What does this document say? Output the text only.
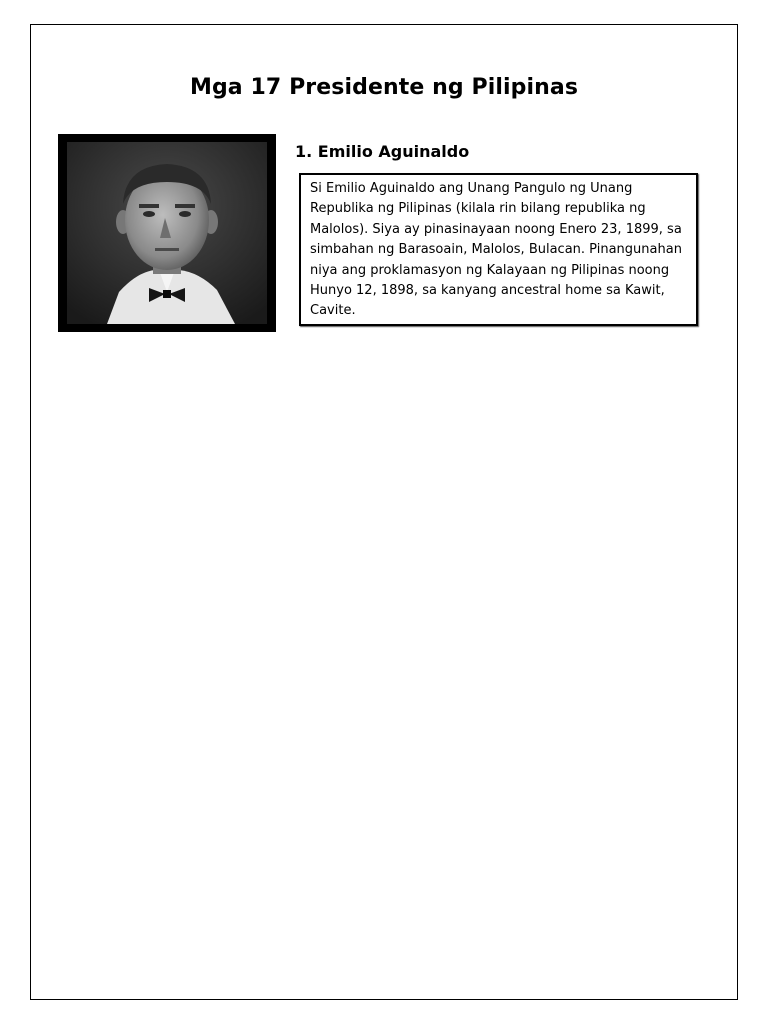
Mga 17 Presidente ng Pilipinas
1. Emilio Aguinaldo

Si Emilio Aguinaldo ang Unang Pangulo ng Unang Republika ng Pilipinas (kilala rin bilang republika ng Malolos). Siya ay pinasinayaan noong Enero 23, 1899, sa simbahan ng Barasoain, Malolos, Bulacan. Pinangunahan niya ang proklamasyon ng Kalayaan ng Pilipinas noong Hunyo 12, 1898, sa kanyang ancestral home sa Kawit, Cavite.
